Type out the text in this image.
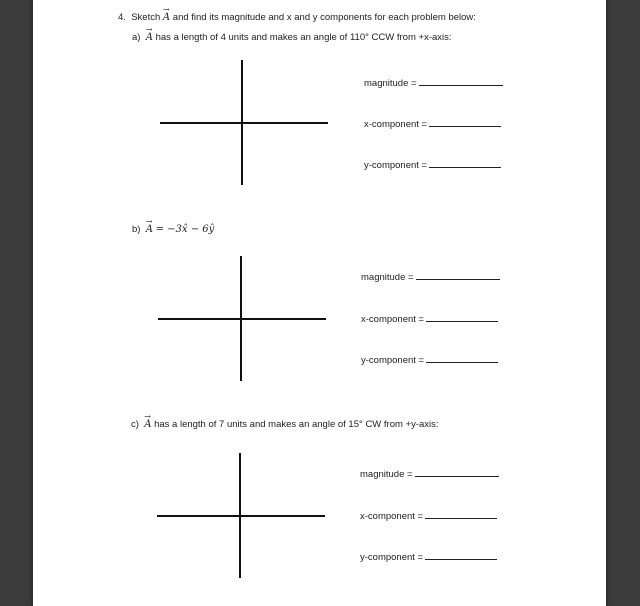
4. Sketch
→
A and find its magnitude and x and y components for each problem below:
a)
→
A has a length of 4 units and makes an angle of 110° CCW from +x-axis:
magnitude =
x-component =
y-component =
b)
→
A = −3x̂ − 6ŷ
magnitude =
x-component =
y-component =
c)
→
A has a length of 7 units and makes an angle of 15° CW from +y-axis:
magnitude =
x-component =
y-component =
